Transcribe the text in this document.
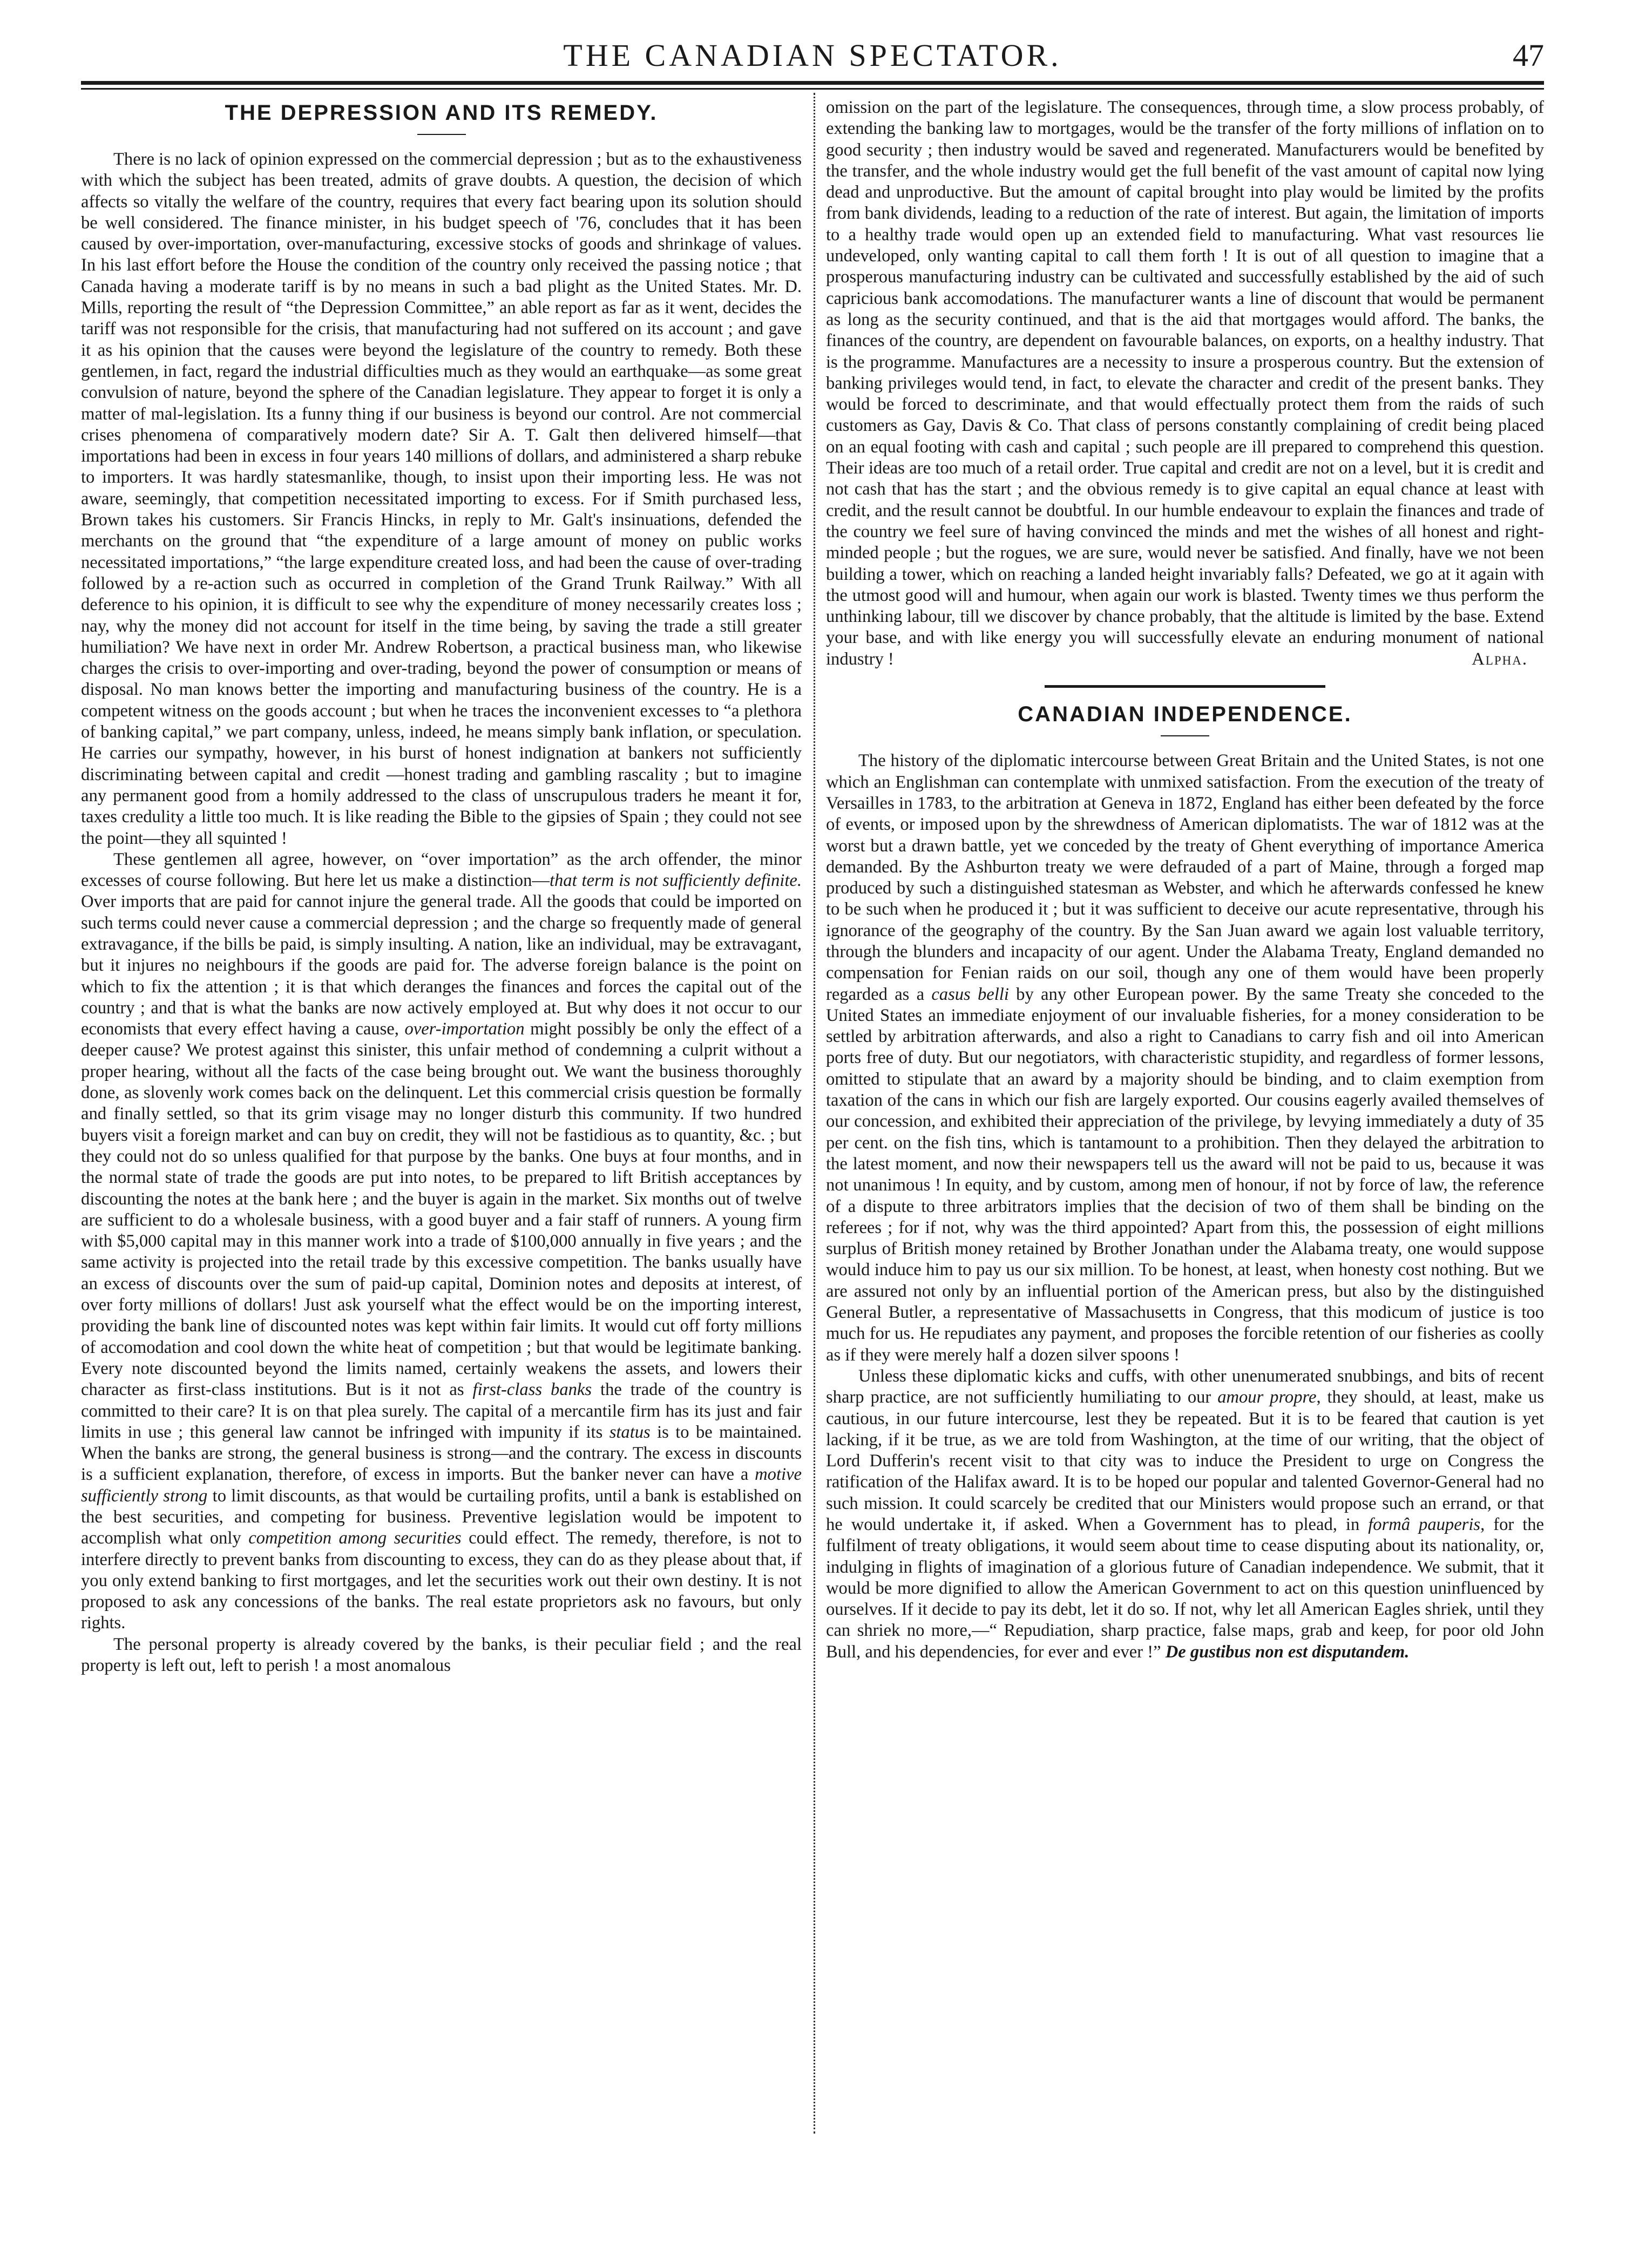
THE CANADIAN SPECTATOR.	47
THE DEPRESSION AND ITS REMEDY.

There is no lack of opinion expressed on the commercial depression ; but as to the exhaustiveness with which the subject has been treated, admits of grave doubts. A question, the decision of which affects so vitally the welfare of the country, requires that every fact bearing upon its solution should be well considered. The finance minister, in his budget speech of '76, concludes that it has been caused by over-importation, over-manufacturing, excessive stocks of goods and shrinkage of values. In his last effort before the House the condition of the country only received the passing notice ; that Canada having a moderate tariff is by no means in such a bad plight as the United States. Mr. D. Mills, reporting the result of “the Depression Committee,” an able report as far as it went, decides the tariff was not responsible for the crisis, that manufacturing had not suffered on its account ; and gave it as his opinion that the causes were beyond the legislature of the country to remedy. Both these gentlemen, in fact, regard the industrial difficulties much as they would an earthquake—as some great convulsion of nature, beyond the sphere of the Canadian legislature. They appear to forget it is only a matter of mal-legislation. Its a funny thing if our business is beyond our control. Are not commercial crises phenomena of comparatively modern date? Sir A. T. Galt then delivered himself—that importations had been in excess in four years 140 millions of dollars, and administered a sharp rebuke to importers. It was hardly statesmanlike, though, to insist upon their importing less. He was not aware, seemingly, that competition necessitated importing to excess. For if Smith purchased less, Brown takes his customers. Sir Francis Hincks, in reply to Mr. Galt's insinuations, defended the merchants on the ground that “the expenditure of a large amount of money on public works necessitated importations,” “the large expenditure created loss, and had been the cause of over-trading followed by a re-action such as occurred in completion of the Grand Trunk Railway.” With all deference to his opinion, it is difficult to see why the expenditure of money necessarily creates loss ; nay, why the money did not account for itself in the time being, by saving the trade a still greater humiliation? We have next in order Mr. Andrew Robertson, a practical business man, who likewise charges the crisis to over-importing and over-trading, beyond the power of consumption or means of disposal. No man knows better the importing and manufacturing business of the country. He is a competent witness on the goods account ; but when he traces the inconvenient excesses to “a plethora of banking capital,” we part company, unless, indeed, he means simply bank inflation, or speculation. He carries our sympathy, however, in his burst of honest indignation at bankers not sufficiently discriminating between capital and credit —honest trading and gambling rascality ; but to imagine any permanent good from a homily addressed to the class of unscrupulous traders he meant it for, taxes credulity a little too much. It is like reading the Bible to the gipsies of Spain ; they could not see the point—they all squinted !

These gentlemen all agree, however, on “over importation” as the arch offender, the minor excesses of course following. But here let us make a distinction—that term is not sufficiently definite. Over imports that are paid for cannot injure the general trade. All the goods that could be imported on such terms could never cause a commercial depression ; and the charge so frequently made of general extravagance, if the bills be paid, is simply insulting. A nation, like an individual, may be extravagant, but it injures no neighbours if the goods are paid for. The adverse foreign balance is the point on which to fix the attention ; it is that which deranges the finances and forces the capital out of the country ; and that is what the banks are now actively employed at. But why does it not occur to our economists that every effect having a cause, over-importation might possibly be only the effect of a deeper cause? We protest against this sinister, this unfair method of condemning a culprit without a proper hearing, without all the facts of the case being brought out. We want the business thoroughly done, as slovenly work comes back on the delinquent. Let this commercial crisis question be formally and finally settled, so that its grim visage may no longer disturb this community. If two hundred buyers visit a foreign market and can buy on credit, they will not be fastidious as to quantity, &c. ; but they could not do so unless qualified for that purpose by the banks. One buys at four months, and in the normal state of trade the goods are put into notes, to be prepared to lift British acceptances by discounting the notes at the bank here ; and the buyer is again in the market. Six months out of twelve are sufficient to do a wholesale business, with a good buyer and a fair staff of runners. A young firm with $5,000 capital may in this manner work into a trade of $100,000 annually in five years ; and the same activity is projected into the retail trade by this excessive competition. The banks usually have an excess of discounts over the sum of paid-up capital, Dominion notes and deposits at interest, of over forty millions of dollars! Just ask yourself what the effect would be on the importing interest, providing the bank line of discounted notes was kept within fair limits. It would cut off forty millions of accomodation and cool down the white heat of competition ; but that would be legitimate banking. Every note discounted beyond the limits named, certainly weakens the assets, and lowers their character as first-class institutions. But is it not as first-class banks the trade of the country is committed to their care? It is on that plea surely. The capital of a mercantile firm has its just and fair limits in use ; this general law cannot be infringed with impunity if its status is to be maintained. When the banks are strong, the general business is strong—and the contrary. The excess in discounts is a sufficient explanation, therefore, of excess in imports. But the banker never can have a motive sufficiently strong to limit discounts, as that would be curtailing profits, until a bank is established on the best securities, and competing for business. Preventive legislation would be impotent to accomplish what only competition among securities could effect. The remedy, therefore, is not to interfere directly to prevent banks from discounting to excess, they can do as they please about that, if you only extend banking to first mortgages, and let the securities work out their own destiny. It is not proposed to ask any concessions of the banks. The real estate proprietors ask no favours, but only rights.

The personal property is already covered by the banks, is their peculiar field ; and the real property is left out, left to perish ! a most anomalous

omission on the part of the legislature. The consequences, through time, a slow process probably, of extending the banking law to mortgages, would be the transfer of the forty millions of inflation on to good security ; then industry would be saved and regenerated. Manufacturers would be benefited by the transfer, and the whole industry would get the full benefit of the vast amount of capital now lying dead and unproductive. But the amount of capital brought into play would be limited by the profits from bank dividends, leading to a reduction of the rate of interest. But again, the limitation of imports to a healthy trade would open up an extended field to manufacturing. What vast resources lie undeveloped, only wanting capital to call them forth ! It is out of all question to imagine that a prosperous manufacturing industry can be cultivated and successfully established by the aid of such capricious bank accomodations. The manufacturer wants a line of discount that would be permanent as long as the security continued, and that is the aid that mortgages would afford. The banks, the finances of the country, are dependent on favourable balances, on exports, on a healthy industry. That is the programme. Manufactures are a necessity to insure a prosperous country. But the extension of banking privileges would tend, in fact, to elevate the character and credit of the present banks. They would be forced to descriminate, and that would effectually protect them from the raids of such customers as Gay, Davis & Co. That class of persons constantly complaining of credit being placed on an equal footing with cash and capital ; such people are ill prepared to comprehend this question. Their ideas are too much of a retail order. True capital and credit are not on a level, but it is credit and not cash that has the start ; and the obvious remedy is to give capital an equal chance at least with credit, and the result cannot be doubtful. In our humble endeavour to explain the finances and trade of the country we feel sure of having convinced the minds and met the wishes of all honest and right-minded people ; but the rogues, we are sure, would never be satisfied. And finally, have we not been building a tower, which on reaching a landed height invariably falls? Defeated, we go at it again with the utmost good will and humour, when again our work is blasted. Twenty times we thus perform the unthinking labour, till we discover by chance probably, that the altitude is limited by the base. Extend your base, and with like energy you will successfully elevate an enduring monument of national industry !	Alpha.
CANADIAN INDEPENDENCE.

The history of the diplomatic intercourse between Great Britain and the United States, is not one which an Englishman can contemplate with unmixed satisfaction. From the execution of the treaty of Versailles in 1783, to the arbitration at Geneva in 1872, England has either been defeated by the force of events, or imposed upon by the shrewdness of American diplomatists. The war of 1812 was at the worst but a drawn battle, yet we conceded by the treaty of Ghent everything of importance America demanded. By the Ashburton treaty we were defrauded of a part of Maine, through a forged map produced by such a distinguished statesman as Webster, and which he afterwards confessed he knew to be such when he produced it ; but it was sufficient to deceive our acute representative, through his ignorance of the geography of the country. By the San Juan award we again lost valuable territory, through the blunders and incapacity of our agent. Under the Alabama Treaty, England demanded no compensation for Fenian raids on our soil, though any one of them would have been properly regarded as a casus belli by any other European power. By the same Treaty she conceded to the United States an immediate enjoyment of our invaluable fisheries, for a money consideration to be settled by arbitration afterwards, and also a right to Canadians to carry fish and oil into American ports free of duty. But our negotiators, with characteristic stupidity, and regardless of former lessons, omitted to stipulate that an award by a majority should be binding, and to claim exemption from taxation of the cans in which our fish are largely exported. Our cousins eagerly availed themselves of our concession, and exhibited their appreciation of the privilege, by levying immediately a duty of 35 per cent. on the fish tins, which is tantamount to a prohibition. Then they delayed the arbitration to the latest moment, and now their newspapers tell us the award will not be paid to us, because it was not unanimous ! In equity, and by custom, among men of honour, if not by force of law, the reference of a dispute to three arbitrators implies that the decision of two of them shall be binding on the referees ; for if not, why was the third appointed? Apart from this, the possession of eight millions surplus of British money retained by Brother Jonathan under the Alabama treaty, one would suppose would induce him to pay us our six million. To be honest, at least, when honesty cost nothing. But we are assured not only by an influential portion of the American press, but also by the distinguished General Butler, a representative of Massachusetts in Congress, that this modicum of justice is too much for us. He repudiates any payment, and proposes the forcible retention of our fisheries as coolly as if they were merely half a dozen silver spoons !

Unless these diplomatic kicks and cuffs, with other unenumerated snubbings, and bits of recent sharp practice, are not sufficiently humiliating to our amour propre, they should, at least, make us cautious, in our future intercourse, lest they be repeated. But it is to be feared that caution is yet lacking, if it be true, as we are told from Washington, at the time of our writing, that the object of Lord Dufferin's recent visit to that city was to induce the President to urge on Congress the ratification of the Halifax award. It is to be hoped our popular and talented Governor-General had no such mission. It could scarcely be credited that our Ministers would propose such an errand, or that he would undertake it, if asked. When a Government has to plead, in formâ pauperis, for the fulfilment of treaty obligations, it would seem about time to cease disputing about its nationality, or, indulging in flights of imagination of a glorious future of Canadian independence. We submit, that it would be more dignified to allow the American Government to act on this question uninfluenced by ourselves. If it decide to pay its debt, let it do so. If not, why let all American Eagles shriek, until they can shriek no more,—“ Repudiation, sharp practice, false maps, grab and keep, for poor old John Bull, and his dependencies, for ever and ever !” De gustibus non est disputandem.
